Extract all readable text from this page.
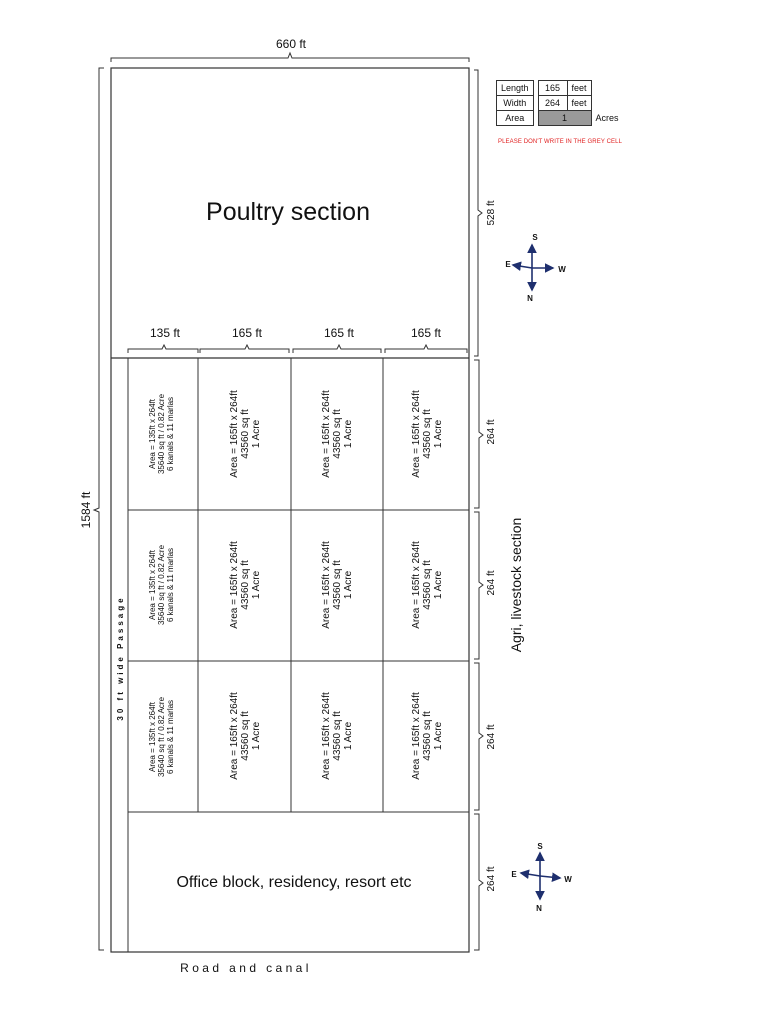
660 ft
1584 ft
528 ft
264 ft
264 ft
264 ft
264 ft
135 ft	165 ft	165 ft	165 ft
Poultry section
Office block, residency, resort etc
Agri, livestock section
30 ft wide Passage
Road and canal
Area = 135ft x 264ft 35640 sq ft / 0.82 Acre 6 kanals & 11 marlas
Area = 135ft x 264ft 35640 sq ft / 0.82 Acre 6 kanals & 11 marlas
Area = 135ft x 264ft 35640 sq ft / 0.82 Acre 6 kanals & 11 marlas
Area = 165ft x 264ft 43560 sq ft 1 Acre	Area = 165ft x 264ft 43560 sq ft 1 Acre	Area = 165ft x 264ft 43560 sq ft 1 Acre
Area = 165ft x 264ft 43560 sq ft 1 Acre	Area = 165ft x 264ft 43560 sq ft 1 Acre	Area = 165ft x 264ft 43560 sq ft 1 Acre
Area = 165ft x 264ft 43560 sq ft 1 Acre	Area = 165ft x 264ft 43560 sq ft 1 Acre	Area = 165ft x 264ft 43560 sq ft 1 Acre
S
E
W
N
S
E
W
N
Length		165	feet	
Width		264	feet	
Area		1		Acres
PLEASE DON'T WRITE IN THE GREY CELL
